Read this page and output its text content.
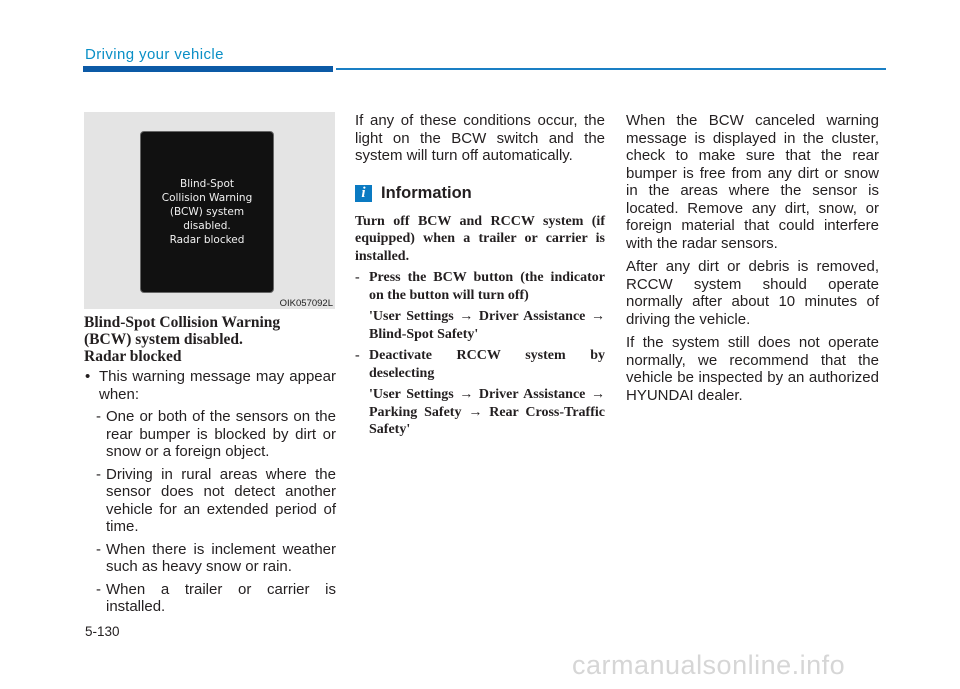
Driving your vehicle
Blind-Spot
Collision Warning
(BCW) system
disabled.
Radar blocked
OIK057092L
Blind-Spot Collision Warning
(BCW) system disabled.
Radar blocked
• This warning message may appear when:
- One or both of the sensors on the rear bumper is blocked by dirt or snow or a foreign object.
- Driving in rural areas where the sensor does not detect another vehicle for an extended period of time.
- When there is inclement weather such as heavy snow or rain.
- When a trailer or carrier is installed.
If any of these conditions occur, the light on the BCW switch and the system will turn off automatically.
i Information

Turn off BCW and RCCW system (if equipped) when a trailer or carrier is installed.

- Press the BCW button (the indicator on the button will turn off)
'User Settings → Driver Assistance → Blind-Spot Safety'
- Deactivate RCCW system by deselecting
'User Settings → Driver Assistance → Parking Safety → Rear Cross-Traffic Safety'

When the BCW canceled warning message is displayed in the cluster, check to make sure that the rear bumper is free from any dirt or snow in the areas where the sensor is located. Remove any dirt, snow, or foreign material that could interfere with the radar sensors.

After any dirt or debris is removed, RCCW system should operate normally after about 10 minutes of driving the vehicle.

If the system still does not operate normally, we recommend that the vehicle be inspected by an authorized HYUNDAI dealer.

5-130
carmanualsonline.info
